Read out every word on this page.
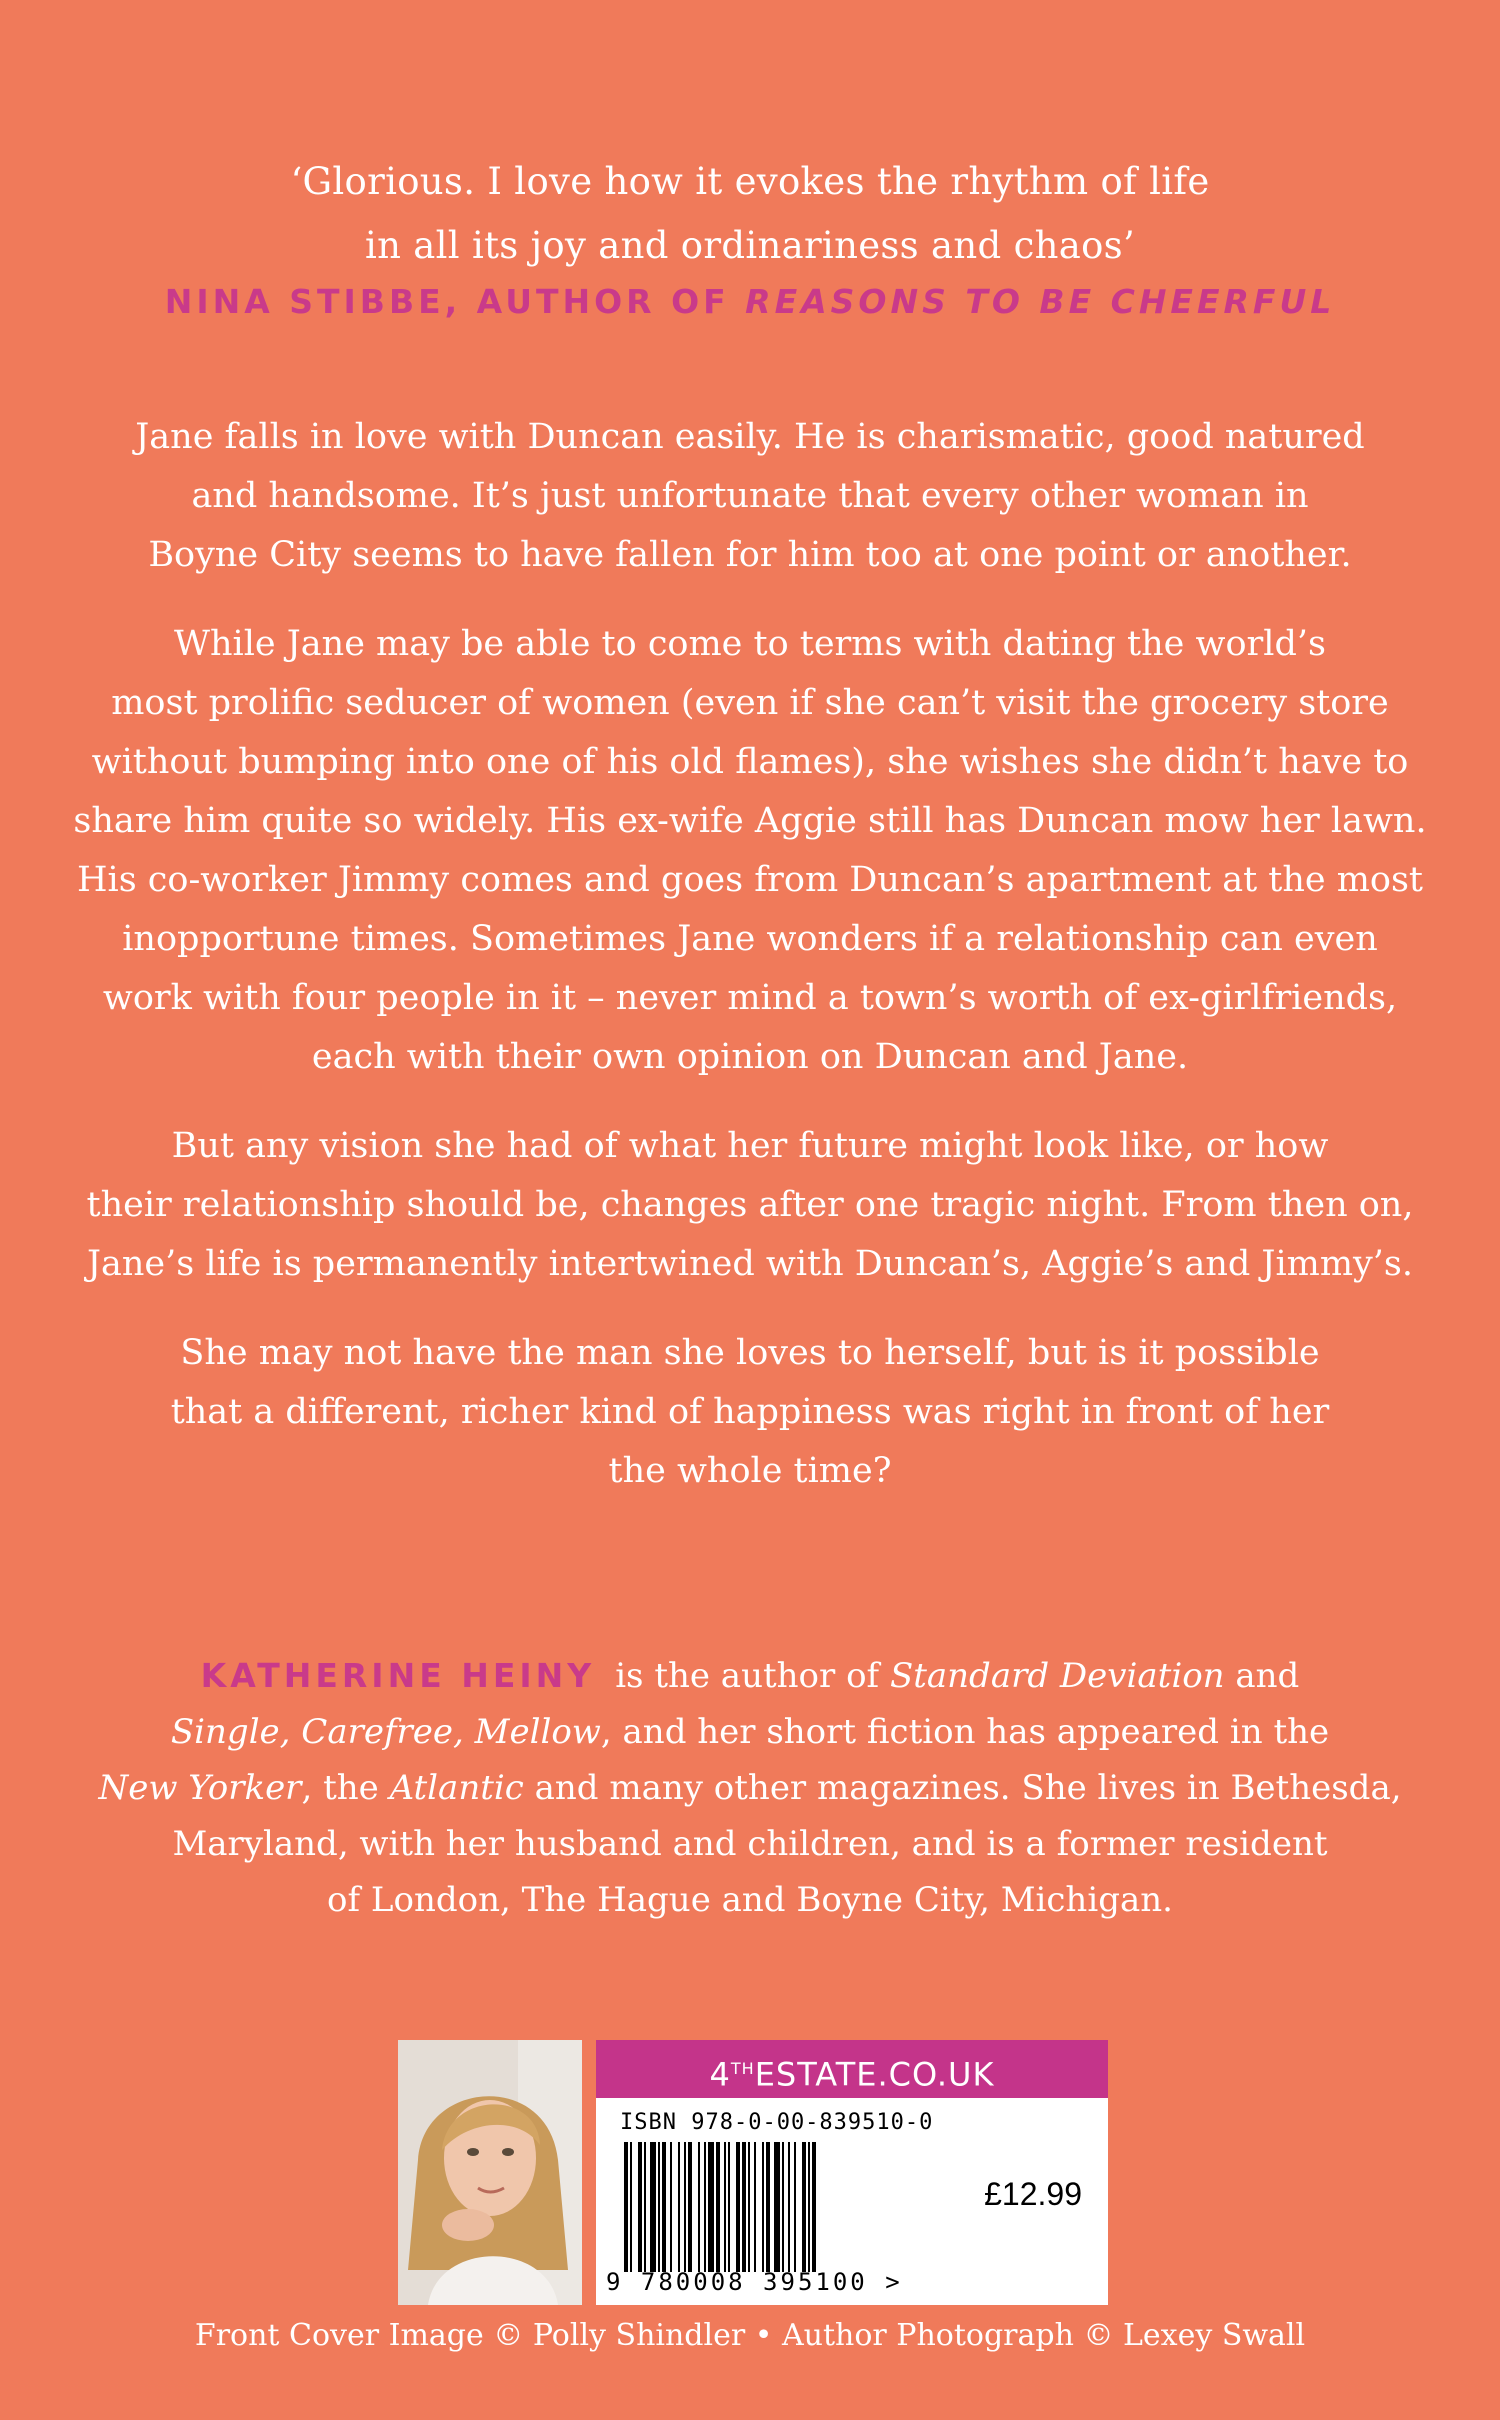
‘Glorious. I love how it evokes the rhythm of life
in all its joy and ordinariness and chaos’
NINA STIBBE, AUTHOR OF REASONS TO BE CHEERFUL
Jane falls in love with Duncan easily. He is charismatic, good natured
and handsome. It’s just unfortunate that every other woman in
Boyne City seems to have fallen for him too at one point or another.
While Jane may be able to come to terms with dating the world’s
most prolific seducer of women (even if she can’t visit the grocery store
without bumping into one of his old flames), she wishes she didn’t have to
share him quite so widely. His ex-wife Aggie still has Duncan mow her lawn.
His co-worker Jimmy comes and goes from Duncan’s apartment at the most
inopportune times. Sometimes Jane wonders if a relationship can even
work with four people in it – never mind a town’s worth of ex-girlfriends,
each with their own opinion on Duncan and Jane.
But any vision she had of what her future might look like, or how
their relationship should be, changes after one tragic night. From then on,
Jane’s life is permanently intertwined with Duncan’s, Aggie’s and Jimmy’s.
She may not have the man she loves to herself, but is it possible
that a different, richer kind of happiness was right in front of her
the whole time?
KATHERINE HEINY is the author of Standard Deviation and
Single, Carefree, Mellow, and her short fiction has appeared in the
New Yorker, the Atlantic and many other magazines. She lives in Bethesda,
Maryland, with her husband and children, and is a former resident
of London, The Hague and Boyne City, Michigan.
4THESTATE.CO.UK
ISBN 978-0-00-839510-0
9 780008 395100 >
£12.99
Front Cover Image © Polly Shindler • Author Photograph © Lexey Swall
